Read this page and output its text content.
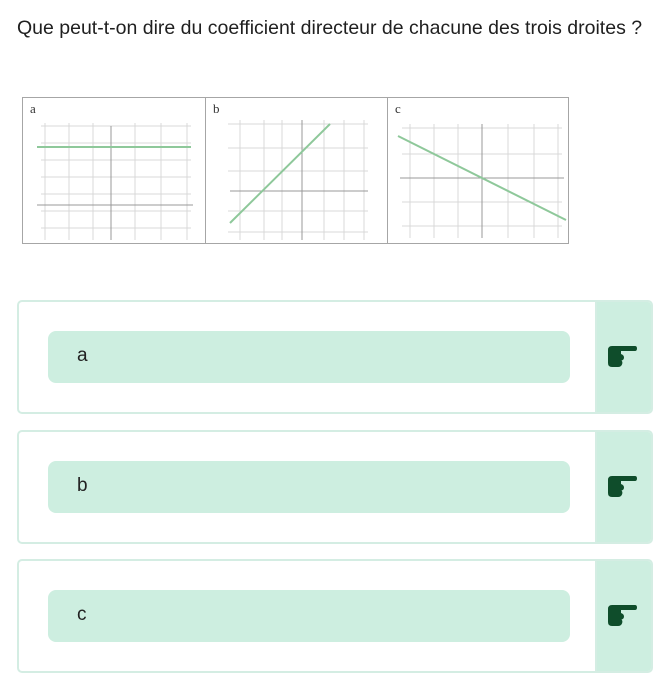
Que peut-t-on dire du coefficient directeur de chacune des trois droites ?
a	b	c
a
b
c
